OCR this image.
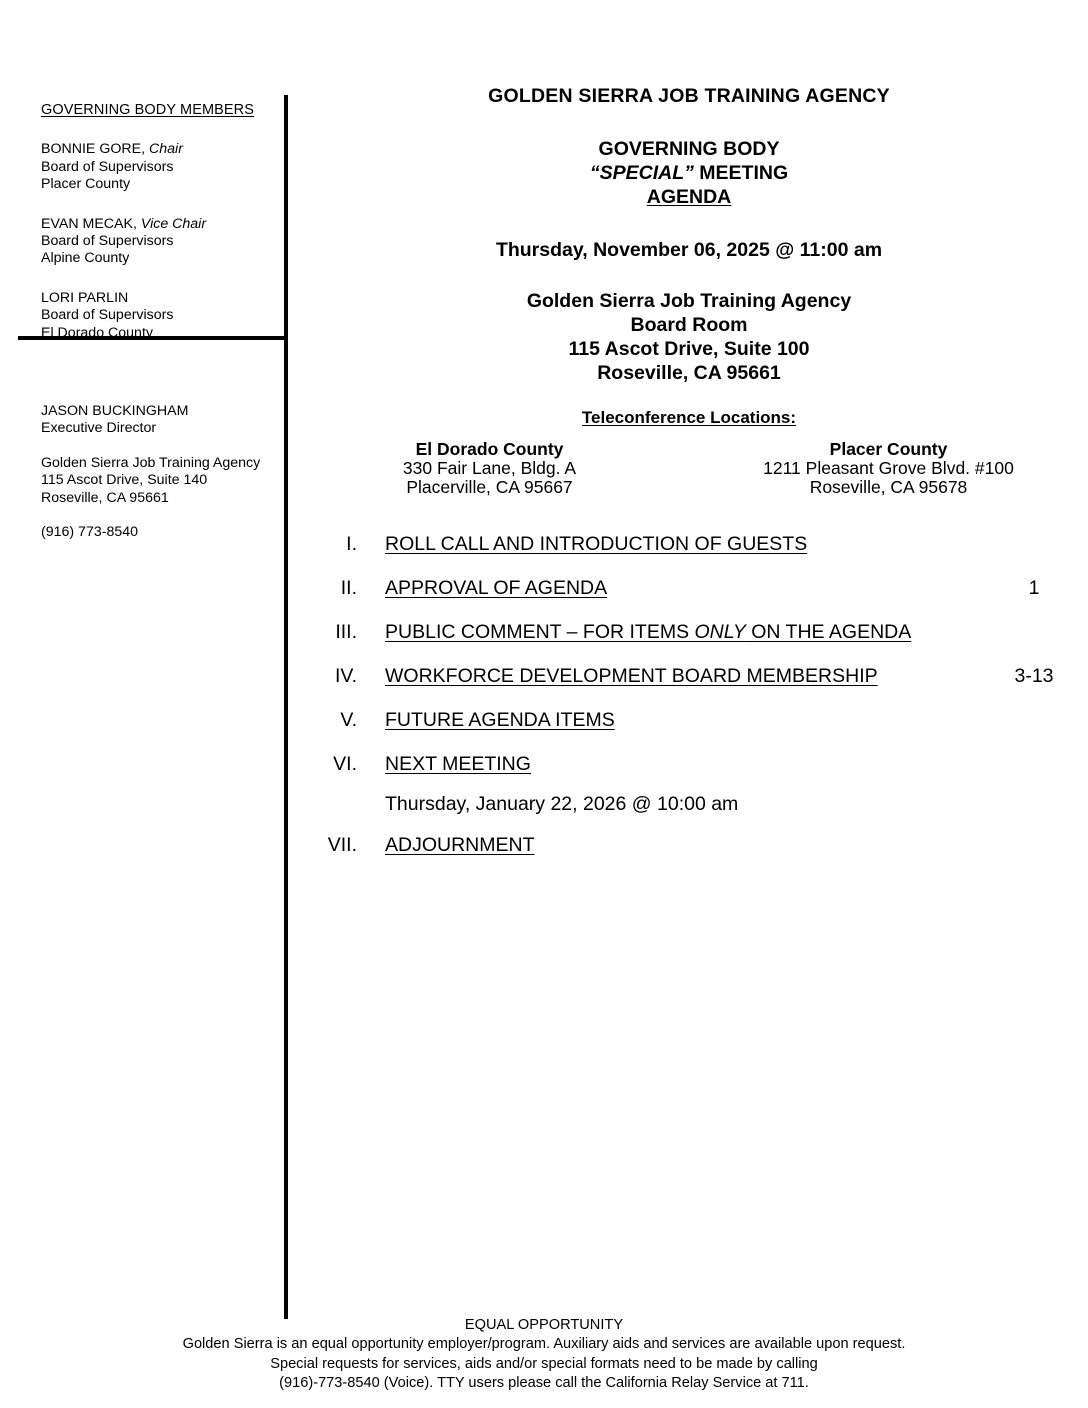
GOVERNING BODY MEMBERS
BONNIE GORE, Chair
Board of Supervisors
Placer County
EVAN MECAK, Vice Chair
Board of Supervisors
Alpine County
LORI PARLIN
Board of Supervisors
El Dorado County
JASON BUCKINGHAM
Executive Director
Golden Sierra Job Training Agency
115 Ascot Drive, Suite 140
Roseville, CA 95661
(916) 773-8540
GOLDEN SIERRA JOB TRAINING AGENCY
GOVERNING BODY
“SPECIAL” MEETING
AGENDA
Thursday, November 06, 2025 @ 11:00 am
Golden Sierra Job Training Agency
Board Room
115 Ascot Drive, Suite 100
Roseville, CA 95661
Teleconference Locations:
El Dorado County
330 Fair Lane, Bldg. A
Placerville, CA 95667
Placer County
1211 Pleasant Grove Blvd. #100
Roseville, CA 95678
I. ROLL CALL AND INTRODUCTION OF GUESTS
II. APPROVAL OF AGENDA	1
III. PUBLIC COMMENT – FOR ITEMS ONLY ON THE AGENDA
IV. WORKFORCE DEVELOPMENT BOARD MEMBERSHIP	3-13
V. FUTURE AGENDA ITEMS
VI. NEXT MEETING
Thursday, January 22, 2026 @ 10:00 am
VII. ADJOURNMENT
EQUAL OPPORTUNITY
Golden Sierra is an equal opportunity employer/program. Auxiliary aids and services are available upon request.
Special requests for services, aids and/or special formats need to be made by calling
(916)-773-8540 (Voice). TTY users please call the California Relay Service at 711.
